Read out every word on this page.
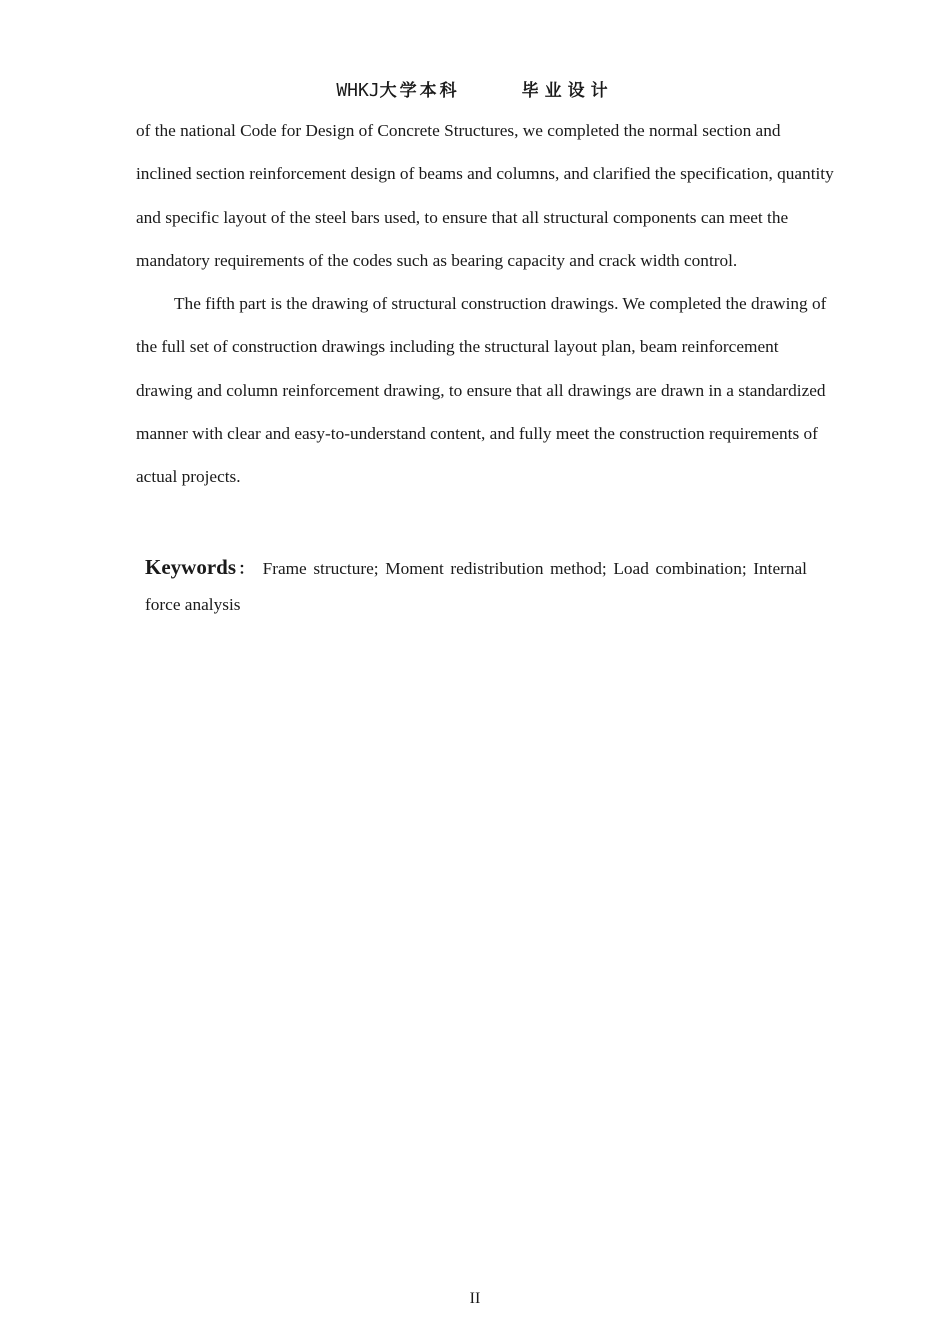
WHKJ大学本科	毕业设计

of the national Code for Design of Concrete Structures, we completed the normal section and inclined section reinforcement design of beams and columns, and clarified the specification, quantity and specific layout of the steel bars used, to ensure that all structural components can meet the mandatory requirements of the codes such as bearing capacity and crack width control.

The fifth part is the drawing of structural construction drawings. We completed the drawing of the full set of construction drawings including the structural layout plan, beam reinforcement drawing and column reinforcement drawing, to ensure that all drawings are drawn in a standardized manner with clear and easy-to-understand content, and fully meet the construction requirements of actual projects.

Keywords： Frame structure; Moment redistribution method; Load combination; Internal force analysis
II
